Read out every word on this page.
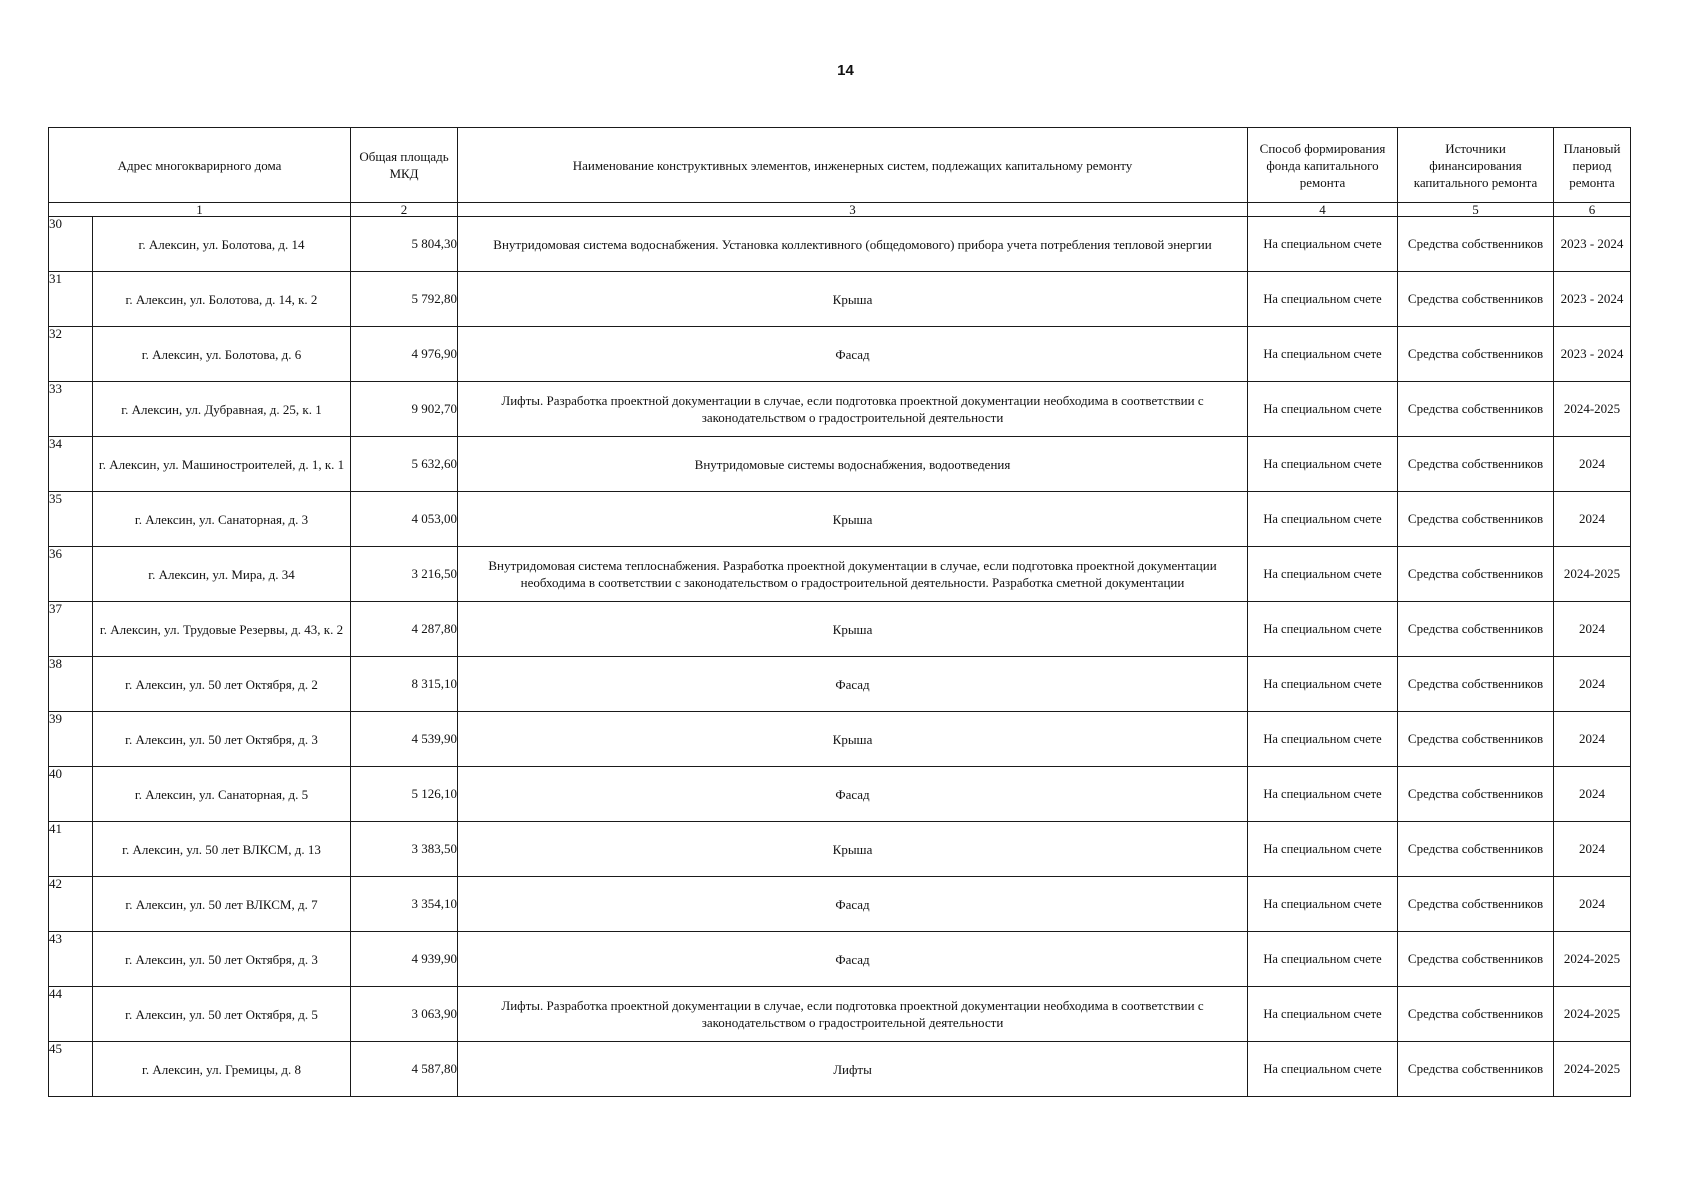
14
Адрес многокварирного дома		Общая площадь МКД	Наименование конструктивных элементов, инженерных систем, подлежащих капитальному ремонту	Способ формирования фонда капитального ремонта	Источники финансирования капитального ремонта	Плановый период ремонта
1		2	3	4	5	6
30	г. Алексин, ул. Болотова, д. 14	5 804,30	Внутридомовая система водоснабжения. Установка коллективного (общедомового) прибора учета потребления тепловой энергии	На специальном счете	Средства собственников	2023 - 2024
31	г. Алексин, ул. Болотова, д. 14, к. 2	5 792,80	Крыша	На специальном счете	Средства собственников	2023 - 2024
32	г. Алексин, ул. Болотова, д. 6	4 976,90	Фасад	На специальном счете	Средства собственников	2023 - 2024
33	г. Алексин, ул. Дубравная, д. 25, к. 1	9 902,70	Лифты. Разработка проектной документации в случае, если подготовка проектной документации необходима в соответствии с законодательством о градостроительной деятельности	На специальном счете	Средства собственников	2024-2025
34	г. Алексин, ул. Машиностроителей, д. 1, к. 1	5 632,60	Внутридомовые системы водоснабжения, водоотведения	На специальном счете	Средства собственников	2024
35	г. Алексин, ул. Санаторная, д. 3	4 053,00	Крыша	На специальном счете	Средства собственников	2024
36	г. Алексин, ул. Мира, д. 34	3 216,50	Внутридомовая система теплоснабжения. Разработка проектной документации в случае, если подготовка проектной документации необходима в соответствии с законодательством о градостроительной деятельности. Разработка сметной документации	На специальном счете	Средства собственников	2024-2025
37	г. Алексин, ул. Трудовые Резервы, д. 43, к. 2	4 287,80	Крыша	На специальном счете	Средства собственников	2024
38	г. Алексин, ул. 50 лет Октября, д. 2	8 315,10	Фасад	На специальном счете	Средства собственников	2024
39	г. Алексин, ул. 50 лет Октября, д. 3	4 539,90	Крыша	На специальном счете	Средства собственников	2024
40	г. Алексин, ул. Санаторная, д. 5	5 126,10	Фасад	На специальном счете	Средства собственников	2024
41	г. Алексин, ул. 50 лет ВЛКСМ, д. 13	3 383,50	Крыша	На специальном счете	Средства собственников	2024
42	г. Алексин, ул. 50 лет ВЛКСМ, д. 7	3 354,10	Фасад	На специальном счете	Средства собственников	2024
43	г. Алексин, ул. 50 лет Октября, д. 3	4 939,90	Фасад	На специальном счете	Средства собственников	2024-2025
44	г. Алексин, ул. 50 лет Октября, д. 5	3 063,90	Лифты. Разработка проектной документации в случае, если подготовка проектной документации необходима в соответствии с законодательством о градостроительной деятельности	На специальном счете	Средства собственников	2024-2025
45	г. Алексин, ул. Гремицы, д. 8	4 587,80	Лифты	На специальном счете	Средства собственников	2024-2025
